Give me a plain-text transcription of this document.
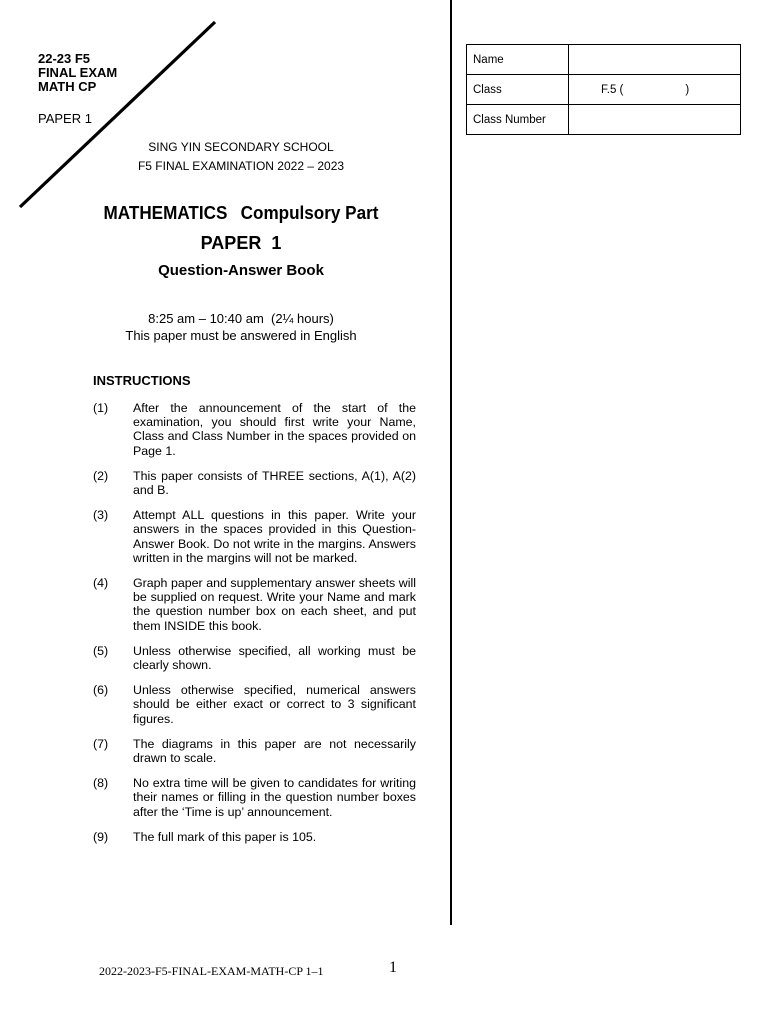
22-23 F5
FINAL EXAM
MATH CP
PAPER 1
SING YIN SECONDARY SCHOOL
F5 FINAL EXAMINATION 2022 – 2023
MATHEMATICS Compulsory Part
PAPER  1
Question-Answer Book
8:25 am – 10:40 am  (2¼ hours)
This paper must be answered in English
INSTRUCTIONS
(1)	After the announcement of the start of the examination, you should first write your Name, Class and Class Number in the spaces provided on Page 1.
(2)	This paper consists of THREE sections, A(1), A(2) and B.
(3)	Attempt ALL questions in this paper. Write your answers in the spaces provided in this Question-Answer Book. Do not write in the margins. Answers written in the margins will not be marked.
(4)	Graph paper and supplementary answer sheets will be supplied on request. Write your Name and mark the question number box on each sheet, and put them INSIDE this book.
(5)	Unless otherwise specified, all working must be clearly shown.
(6)	Unless otherwise specified, numerical answers should be either exact or correct to 3 significant figures.
(7)	The diagrams in this paper are not necessarily drawn to scale.
(8)	No extra time will be given to candidates for writing their names or filling in the question number boxes after the ‘Time is up’ announcement.
(9)	The full mark of this paper is 105.
Name	
Class	F.5 ( )

Class Number	
2022-2023-F5-FINAL-EXAM-MATH-CP 1–1	1
